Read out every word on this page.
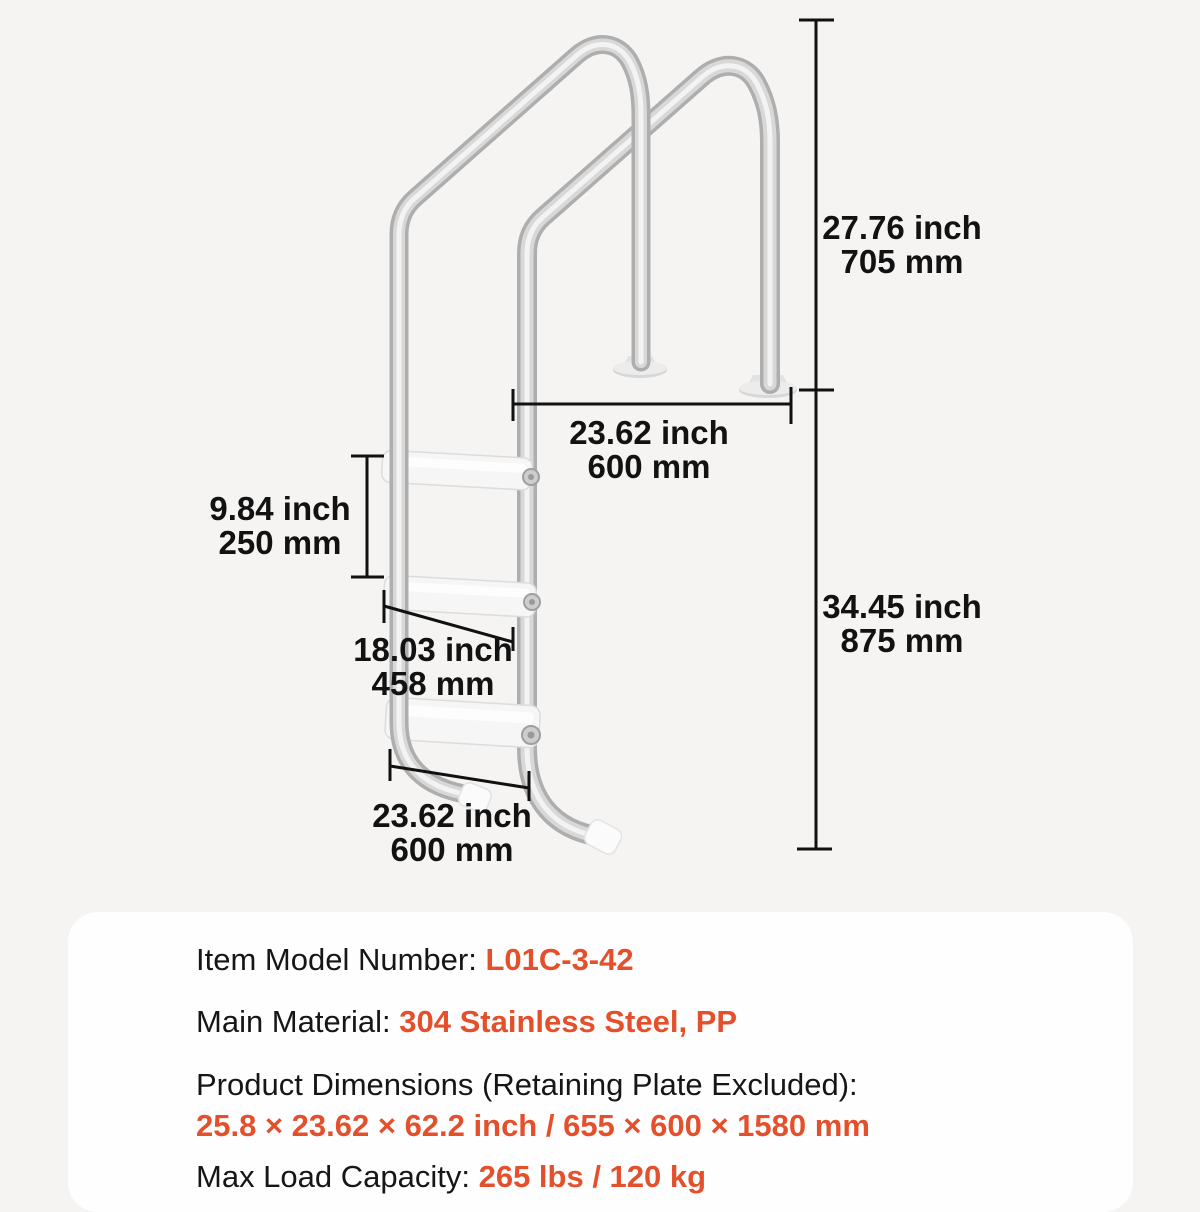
27.76 inch
705 mm
23.62 inch
600 mm
9.84 inch
250 mm
18.03 inch
458 mm
34.45 inch
875 mm
23.62 inch
600 mm
Item Model Number: L01C-3-42
Main Material: 304 Stainless Steel, PP
Product Dimensions (Retaining Plate Excluded):
25.8 × 23.62 × 62.2 inch / 655 × 600 × 1580 mm
Max Load Capacity: 265 lbs / 120 kg
